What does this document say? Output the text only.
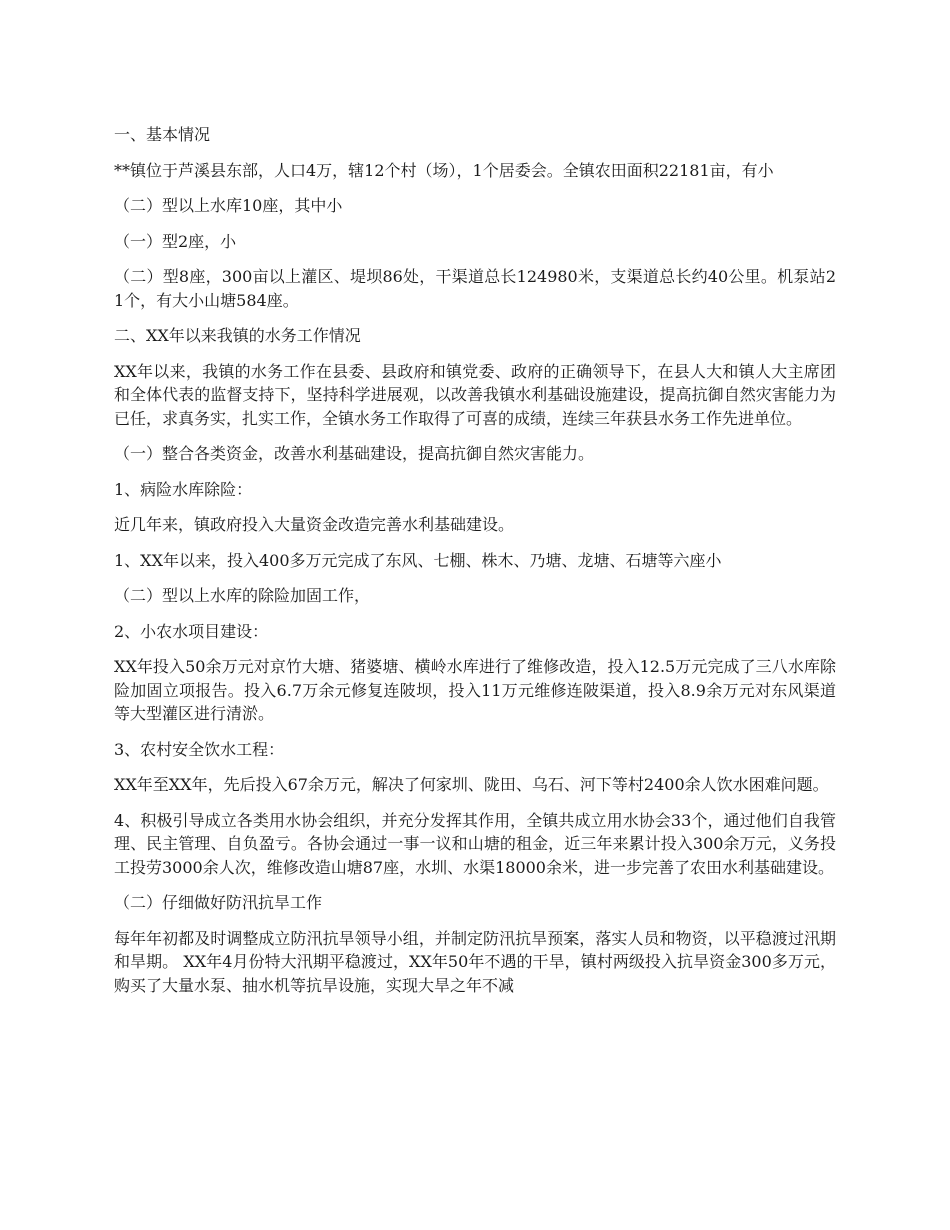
一、基本情况

**镇位于芦溪县东部，人口4万，辖12个村（场），1个居委会。全镇农田面积22181亩，有小

（二）型以上水库10座，其中小

（一）型2座，小

（二）型8座，300亩以上灌区、堤坝86处，干渠道总长124980米，支渠道总长约40公里。机泵站21个，有大小山塘584座。

二、XX年以来我镇的水务工作情况

XX年以来，我镇的水务工作在县委、县政府和镇党委、政府的正确领导下，在县人大和镇人大主席团和全体代表的监督支持下，坚持科学进展观，以改善我镇水利基础设施建设，提高抗御自然灾害能力为已任，求真务实，扎实工作，全镇水务工作取得了可喜的成绩，连续三年获县水务工作先进单位。

（一）整合各类资金，改善水利基础建设，提高抗御自然灾害能力。

1、病险水库除险：

近几年来，镇政府投入大量资金改造完善水利基础建设。

1、XX年以来，投入400多万元完成了东风、七棚、株木、乃塘、龙塘、石塘等六座小

（二）型以上水库的除险加固工作，

2、小农水项目建设：

XX年投入50余万元对京竹大塘、猪婆塘、横岭水库进行了维修改造，投入12.5万元完成了三八水库除险加固立项报告。投入6.7万余元修复连陂坝，投入11万元维修连陂渠道，投入8.9余万元对东风渠道等大型灌区进行清淤。

3、农村安全饮水工程：

XX年至XX年，先后投入67余万元，解决了何家圳、陇田、乌石、河下等村2400余人饮水困难问题。

4、积极引导成立各类用水协会组织，并充分发挥其作用，全镇共成立用水协会33个，通过他们自我管理、民主管理、自负盈亏。各协会通过一事一议和山塘的租金，近三年来累计投入300余万元，义务投工投劳3000余人次，维修改造山塘87座，水圳、水渠18000余米，进一步完善了农田水利基础建设。

（二）仔细做好防汛抗旱工作

每年年初都及时调整成立防汛抗旱领导小组，并制定防汛抗旱预案，落实人员和物资，以平稳渡过汛期和旱期。 XX年4月份特大汛期平稳渡过，XX年50年不遇的干旱，镇村两级投入抗旱资金300多万元，购买了大量水泵、抽水机等抗旱设施，实现大旱之年不减
